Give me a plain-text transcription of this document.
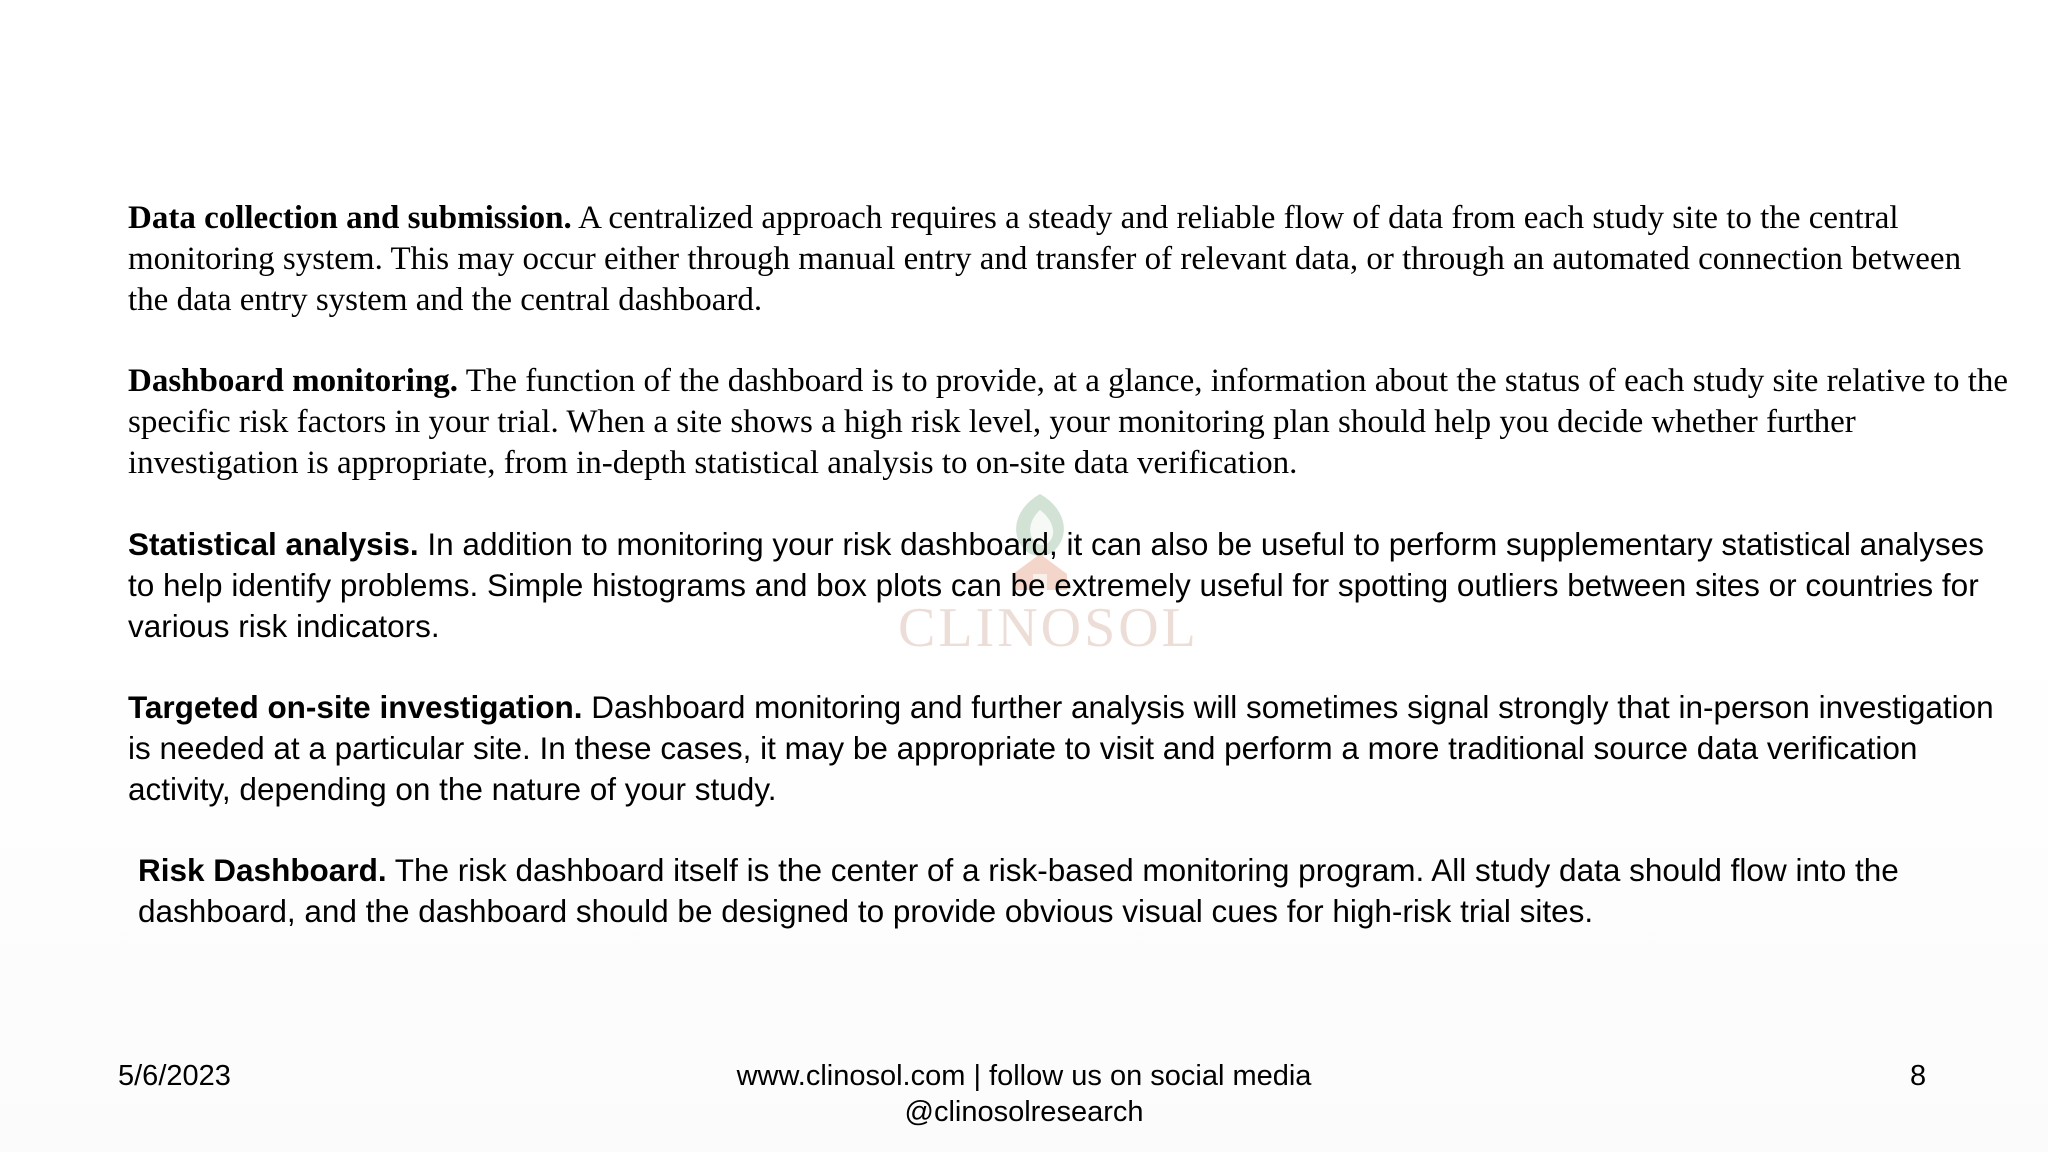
CLINOSOL

Data collection and submission. A centralized approach requires a steady and reliable flow of data from each study site to the central monitoring system. This may occur either through manual entry and transfer of relevant data, or through an automated connection between the data entry system and the central dashboard.

Dashboard monitoring. The function of the dashboard is to provide, at a glance, information about the status of each study site relative to the specific risk factors in your trial. When a site shows a high risk level, your monitoring plan should help you decide whether further investigation is appropriate, from in-depth statistical analysis to on-site data verification.

Statistical analysis. In addition to monitoring your risk dashboard, it can also be useful to perform supplementary statistical analyses to help identify problems. Simple histograms and box plots can be extremely useful for spotting outliers between sites or countries for various risk indicators.

Targeted on-site investigation. Dashboard monitoring and further analysis will sometimes signal strongly that in-person investigation is needed at a particular site. In these cases, it may be appropriate to visit and perform a more traditional source data verification activity, depending on the nature of your study.

Risk Dashboard. The risk dashboard itself is the center of a risk-based monitoring program. All study data should flow into the dashboard, and the dashboard should be designed to provide obvious visual cues for high-risk trial sites.

5/6/2023	www.clinosol.com | follow us on social media
@clinosolresearch
8
